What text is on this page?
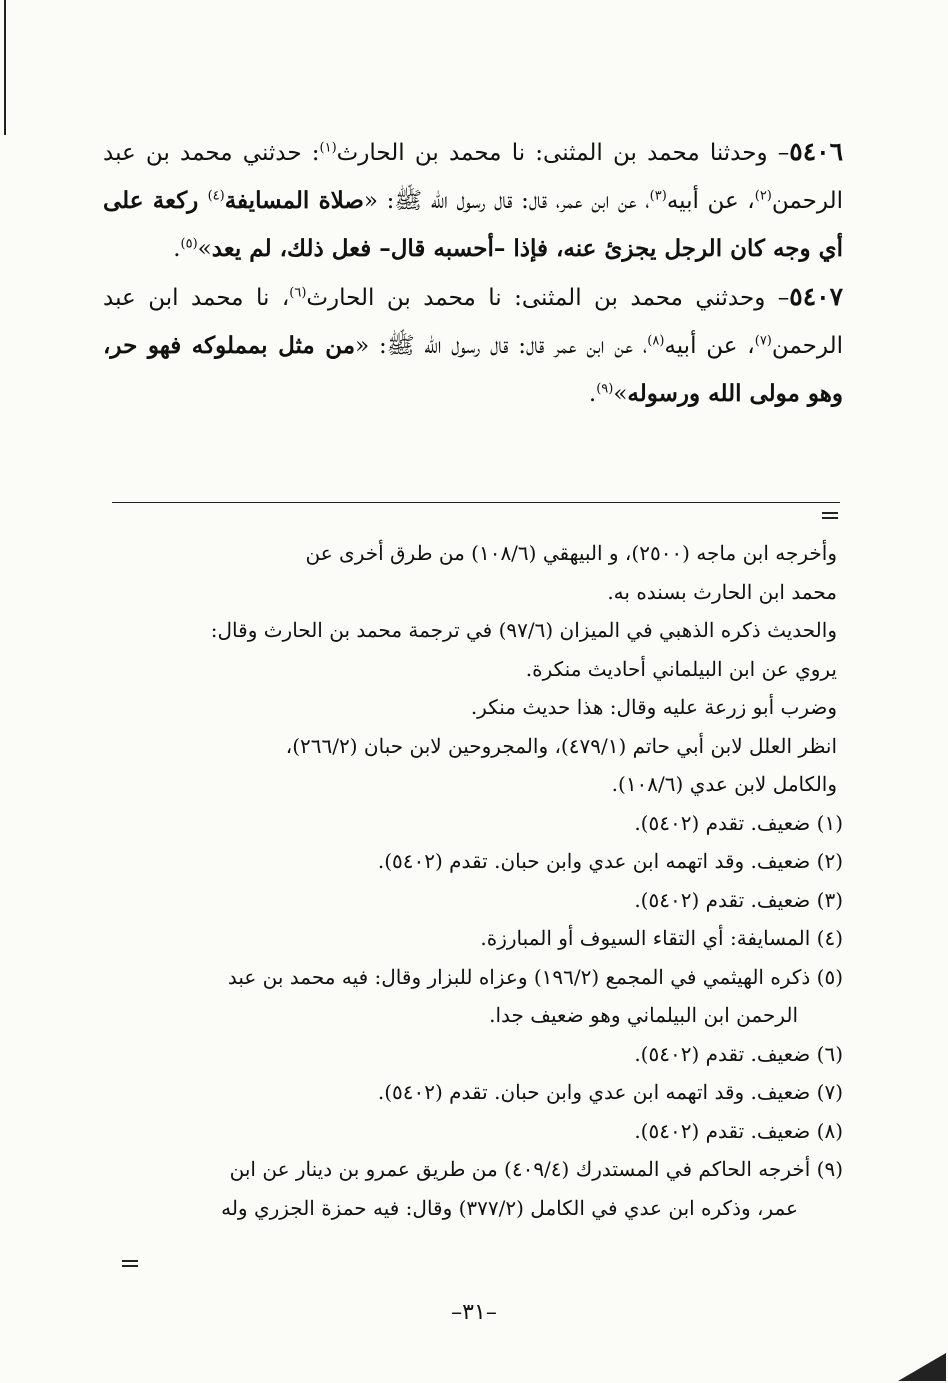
٥٤٠٦– وحدثنا محمد بن المثنى: نا محمد بن الحارث$^{(١)}$: حدثني محمد بن عبد الرحمن$^{(٢)}$، عن أبيه$^{(٣)}$، عن ابن عمر، قال: قال رسول الله ﷺ: «صلاة المسايفة$^{(٤)}$ ركعة على أي وجه كان الرجل يجزئ عنه، فإذا –أحسبه قال– فعل ذلك، لم يعد»$^{(٥)}$.

٥٤٠٧– وحدثني محمد بن المثنى: نا محمد بن الحارث$^{(٦)}$، نا محمد ابن عبد الرحمن$^{(٧)}$، عن أبيه$^{(٨)}$، عن ابن عمر قال: قال رسول الله ﷺ: «من مثل بمملوكه فهو حر، وهو مولى الله ورسوله»$^{(٩)}$.

وأخرجه ابن ماجه (٢٥٠٠)، و البيهقي (١٠٨/٦) من طرق أخرى عن

محمد ابن الحارث بسنده به.

والحديث ذكره الذهبي في الميزان (٩٧/٦) في ترجمة محمد بن الحارث وقال:

يروي عن ابن البيلماني أحاديث منكرة.

وضرب أبو زرعة عليه وقال: هذا حديث منكر.

انظر العلل لابن أبي حاتم (٤٧٩/١)، والمجروحين لابن حبان (٢٦٦/٢)،

والكامل لابن عدي (١٠٨/٦).

(١) ضعيف. تقدم (٥٤٠٢).

(٢) ضعيف. وقد اتهمه ابن عدي وابن حبان. تقدم (٥٤٠٢).

(٣) ضعيف. تقدم (٥٤٠٢).

(٤) المسايفة: أي التقاء السيوف أو المبارزة.

(٥) ذكره الهيثمي في المجمع (١٩٦/٢) وعزاه للبزار وقال: فيه محمد بن عبد

الرحمن ابن البيلماني وهو ضعيف جدا.

(٦) ضعيف. تقدم (٥٤٠٢).

(٧) ضعيف. وقد اتهمه ابن عدي وابن حبان. تقدم (٥٤٠٢).

(٨) ضعيف. تقدم (٥٤٠٢).

(٩) أخرجه الحاكم في المستدرك (٤٠٩/٤) من طريق عمرو بن دينار عن ابن

عمر، وذكره ابن عدي في الكامل (٣٧٧/٢) وقال: فيه حمزة الجزري وله

–٣١–
